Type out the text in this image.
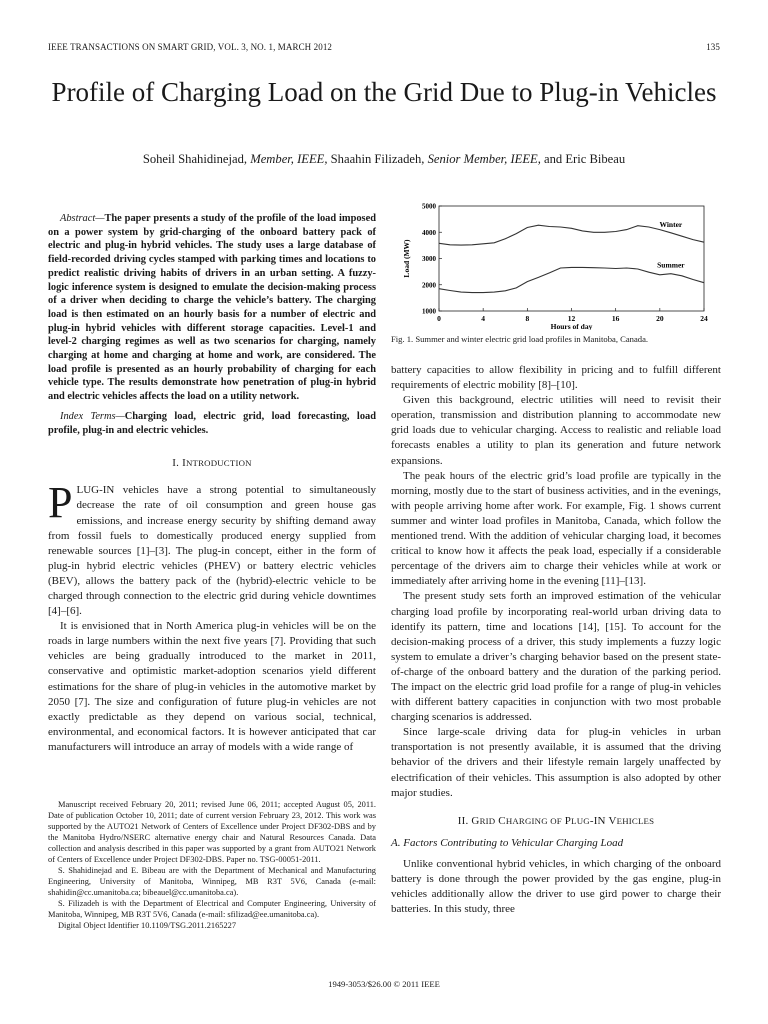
IEEE TRANSACTIONS ON SMART GRID, VOL. 3, NO. 1, MARCH 2012	135
Profile of Charging Load on the Grid Due to Plug-in Vehicles
Soheil Shahidinejad, Member, IEEE, Shaahin Filizadeh, Senior Member, IEEE, and Eric Bibeau

Abstract—The paper presents a study of the profile of the load imposed on a power system by grid-charging of the onboard battery pack of electric and plug-in hybrid vehicles. The study uses a large database of field-recorded driving cycles stamped with parking times and locations to predict realistic driving habits of drivers in an urban setting. A fuzzy-logic inference system is designed to emulate the decision-making process of a driver when deciding to charge the vehicle’s battery. The charging load is then estimated on an hourly basis for a number of electric and plug-in hybrid vehicles with different storage capacities. Level-1 and level-2 charging regimes as well as two scenarios for charging, namely charging at home and charging at home and work, are considered. The load profile is presented as an hourly probability of charging for each vehicle type. The results demonstrate how penetration of plug-in hybrid and electric vehicles affects the load on a utility network.

Index Terms—Charging load, electric grid, load forecasting, load profile, plug-in and electric vehicles.

I. INTRODUCTION

PLUG-IN vehicles have a strong potential to simultaneously decrease the rate of oil consumption and green house gas emissions, and increase energy security by shifting demand away from fossil fuels to domestically produced energy supplied from renewable sources [1]–[3]. The plug-in concept, either in the form of plug-in hybrid electric vehicles (PHEV) or battery electric vehicles (BEV), allows the battery pack of the (hybrid)-electric vehicle to be charged through connection to the electric grid during vehicle downtimes [4]–[6].

It is envisioned that in North America plug-in vehicles will be on the roads in large numbers within the next five years [7]. Providing that such vehicles are being gradually introduced to the market in 2011, conservative and optimistic market-adoption scenarios yield different estimations for the share of plug-in vehicles in the automotive market by 2050 [7]. The size and configuration of future plug-in vehicles are not exactly predictable as they depend on various social, technical, environmental, and economical factors. It is however anticipated that car manufacturers will introduce an array of models with a wide range of

Manuscript received February 20, 2011; revised June 06, 2011; accepted August 05, 2011. Date of publication October 10, 2011; date of current version February 23, 2012. This work was supported by the AUTO21 Network of Centers of Excellence under Project DF302-DBS and by the Manitoba Hydro/NSERC alternative energy chair and Natural Resources Canada. Data collection and analysis described in this paper was supported by a grant from AUTO21 Network of Centers of Excellence under Project DF302-DBS. Paper no. TSG-00051-2011.

S. Shahidinejad and E. Bibeau are with the Department of Mechanical and Manufacturing Engineering, University of Manitoba, Winnipeg, MB R3T 5V6, Canada (e-mail: shahidin@cc.umanitoba.ca; bibeauel@cc.umanitoba.ca).

S. Filizadeh is with the Department of Electrical and Computer Engineering, University of Manitoba, Winnipeg, MB R3T 5V6, Canada (e-mail: sfilizad@ee.umanitoba.ca).

Digital Object Identifier 10.1109/TSG.2011.2165227

0	4	8	12	16	20	24
1000
2000
3000
4000
5000
Hours of day
Load (MW)
Winter
Summer
Fig. 1. Summer and winter electric grid load profiles in Manitoba, Canada.

battery capacities to allow flexibility in pricing and to fulfill different requirements of electric mobility [8]–[10].

Given this background, electric utilities will need to revisit their operation, transmission and distribution planning to accommodate new grid loads due to vehicular charging. Access to realistic and reliable load forecasts enables a utility to plan its generation and future network expansions.

The peak hours of the electric grid’s load profile are typically in the morning, mostly due to the start of business activities, and in the evenings, with people arriving home after work. For example, Fig. 1 shows current summer and winter load profiles in Manitoba, Canada, which follow the mentioned trend. With the addition of vehicular charging load, it becomes critical to know how it affects the peak load, especially if a considerable percentage of the drivers aim to charge their vehicles while at work or immediately after arriving home in the evening [11]–[13].

The present study sets forth an improved estimation of the vehicular charging load profile by incorporating real-world urban driving data to identify its pattern, time and locations [14], [15]. To account for the decision-making process of a driver, this study implements a fuzzy logic system to emulate a driver’s charging behavior based on the present state-of-charge of the onboard battery and the duration of the parking period. The impact on the electric grid load profile for a range of plug-in vehicles with different battery capacities in conjunction with two most probable charging scenarios is addressed.

Since large-scale driving data for plug-in vehicles in urban transportation is not presently available, it is assumed that the driving behavior of the drivers and their lifestyle remain largely unaffected by electrification of their vehicles. This assumption is also adopted by other major studies.

II. GRID CHARGING OF PLUG-IN VEHICLES
A. Factors Contributing to Vehicular Charging Load

Unlike conventional hybrid vehicles, in which charging of the onboard battery is done through the power provided by the gas engine, plug-in vehicles additionally allow the driver to use gird power to charge their batteries. In this study, three

1949-3053/$26.00 © 2011 IEEE
